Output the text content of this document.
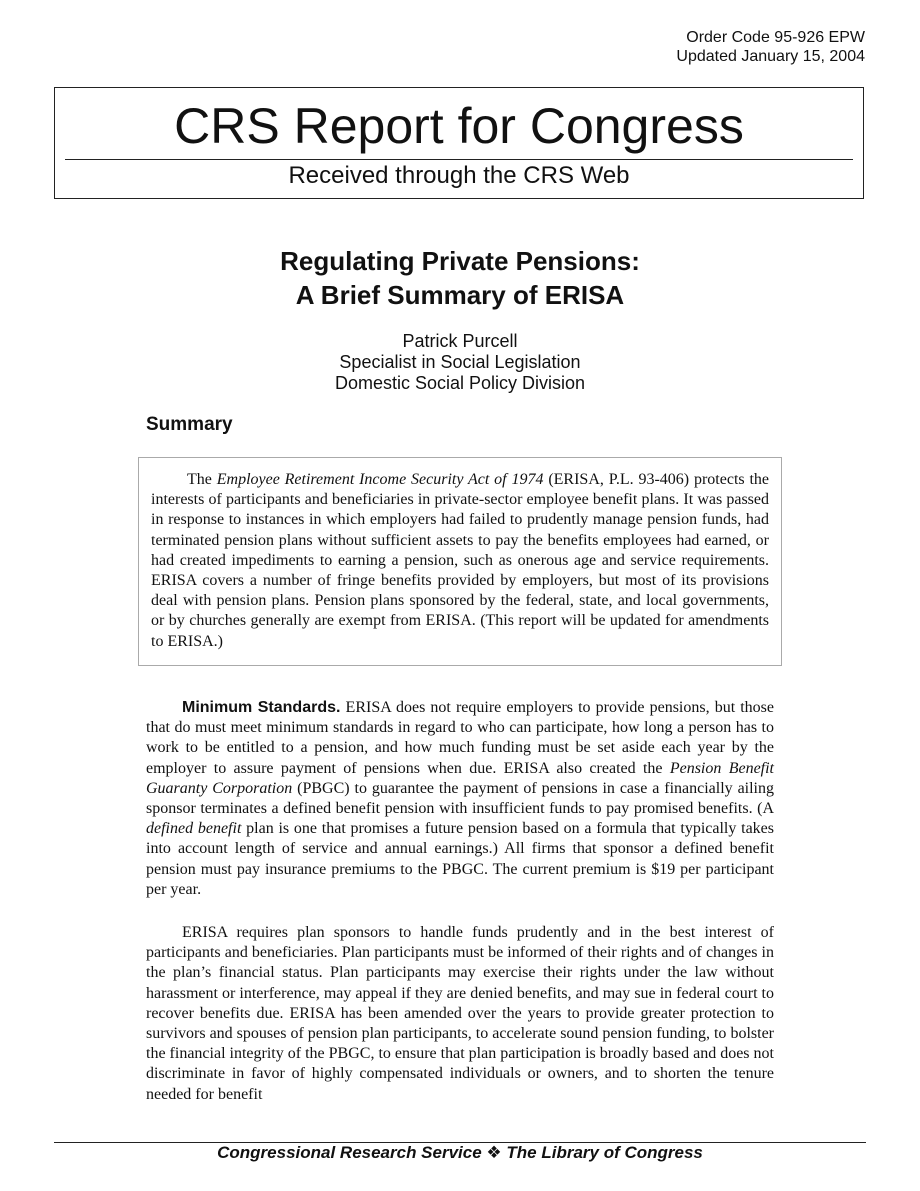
Order Code 95-926 EPW
Updated January 15, 2004
CRS Report for Congress
Received through the CRS Web
Regulating Private Pensions:
A Brief Summary of ERISA
Patrick Purcell
Specialist in Social Legislation
Domestic Social Policy Division
Summary
The Employee Retirement Income Security Act of 1974 (ERISA, P.L. 93-406) protects the interests of participants and beneficiaries in private-sector employee benefit plans. It was passed in response to instances in which employers had failed to prudently manage pension funds, had terminated pension plans without sufficient assets to pay the benefits employees had earned, or had created impediments to earning a pension, such as onerous age and service requirements. ERISA covers a number of fringe benefits provided by employers, but most of its provisions deal with pension plans. Pension plans sponsored by the federal, state, and local governments, or by churches generally are exempt from ERISA. (This report will be updated for amendments to ERISA.)
Minimum Standards. ERISA does not require employers to provide pensions, but those that do must meet minimum standards in regard to who can participate, how long a person has to work to be entitled to a pension, and how much funding must be set aside each year by the employer to assure payment of pensions when due. ERISA also created the Pension Benefit Guaranty Corporation (PBGC) to guarantee the payment of pensions in case a financially ailing sponsor terminates a defined benefit pension with insufficient funds to pay promised benefits. (A defined benefit plan is one that promises a future pension based on a formula that typically takes into account length of service and annual earnings.) All firms that sponsor a defined benefit pension must pay insurance premiums to the PBGC. The current premium is $19 per participant per year.
ERISA requires plan sponsors to handle funds prudently and in the best interest of participants and beneficiaries. Plan participants must be informed of their rights and of changes in the plan’s financial status. Plan participants may exercise their rights under the law without harassment or interference, may appeal if they are denied benefits, and may sue in federal court to recover benefits due. ERISA has been amended over the years to provide greater protection to survivors and spouses of pension plan participants, to accelerate sound pension funding, to bolster the financial integrity of the PBGC, to ensure that plan participation is broadly based and does not discriminate in favor of highly compensated individuals or owners, and to shorten the tenure needed for benefit
Congressional Research Service ❖ The Library of Congress
